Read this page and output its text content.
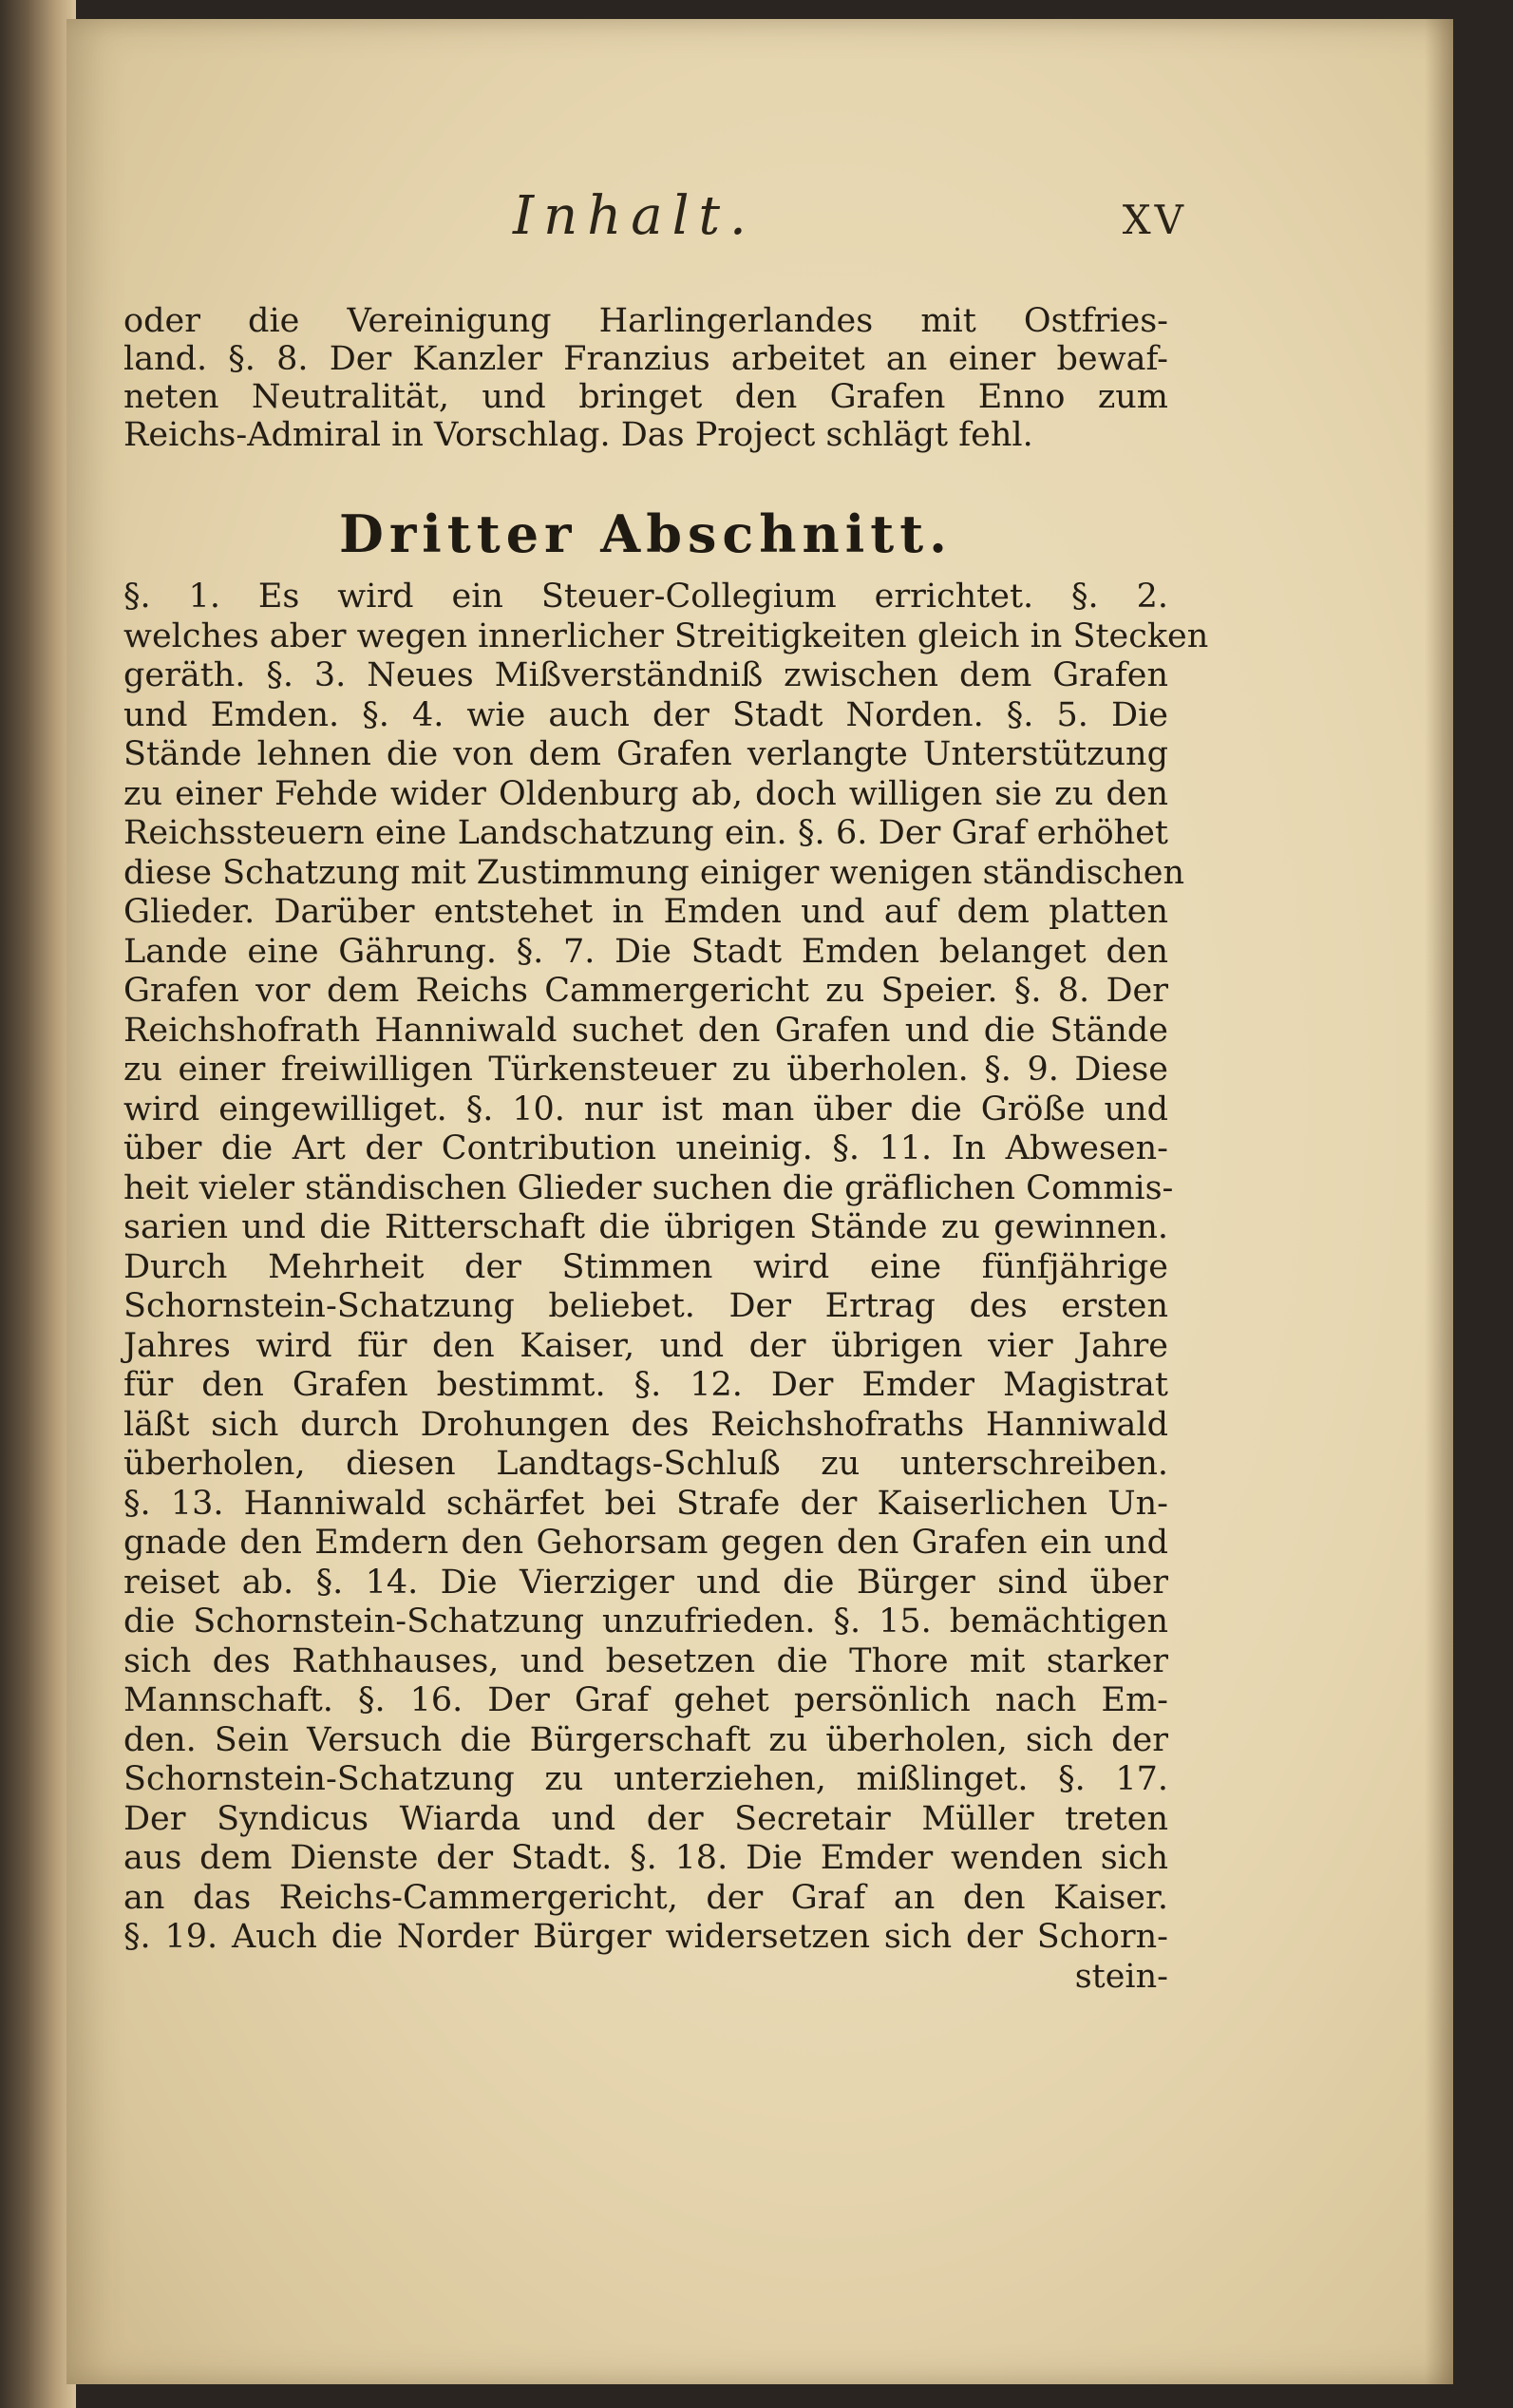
Inhalt.	XV
oder die Vereinigung Harlingerlandes mit Ostfries-
land. §. 8. Der Kanzler Franzius arbeitet an einer bewaf-
neten Neutralität, und bringet den Grafen Enno zum
Reichs-Admiral in Vorschlag. Das Project schlägt fehl.
Dritter Abschnitt.
§. 1. Es wird ein Steuer-Collegium errichtet. §. 2.
welches aber wegen innerlicher Streitigkeiten gleich in Stecken
geräth. §. 3. Neues Mißverständniß zwischen dem Grafen
und Emden. §. 4. wie auch der Stadt Norden. §. 5. Die
Stände lehnen die von dem Grafen verlangte Unterstützung
zu einer Fehde wider Oldenburg ab, doch willigen sie zu den
Reichssteuern eine Landschatzung ein. §. 6. Der Graf erhöhet
diese Schatzung mit Zustimmung einiger wenigen ständischen
Glieder. Darüber entstehet in Emden und auf dem platten
Lande eine Gährung. §. 7. Die Stadt Emden belanget den
Grafen vor dem Reichs Cammergericht zu Speier. §. 8. Der
Reichshofrath Hanniwald suchet den Grafen und die Stände
zu einer freiwilligen Türkensteuer zu überholen. §. 9. Diese
wird eingewilliget. §. 10. nur ist man über die Größe und
über die Art der Contribution uneinig. §. 11. In Abwesen-
heit vieler ständischen Glieder suchen die gräflichen Commis-
sarien und die Ritterschaft die übrigen Stände zu gewinnen.
Durch Mehrheit der Stimmen wird eine fünfjährige
Schornstein-Schatzung beliebet. Der Ertrag des ersten
Jahres wird für den Kaiser, und der übrigen vier Jahre
für den Grafen bestimmt. §. 12. Der Emder Magistrat
läßt sich durch Drohungen des Reichshofraths Hanniwald
überholen, diesen Landtags-Schluß zu unterschreiben.
§. 13. Hanniwald schärfet bei Strafe der Kaiserlichen Un-
gnade den Emdern den Gehorsam gegen den Grafen ein und
reiset ab. §. 14. Die Vierziger und die Bürger sind über
die Schornstein-Schatzung unzufrieden. §. 15. bemächtigen
sich des Rathhauses, und besetzen die Thore mit starker
Mannschaft. §. 16. Der Graf gehet persönlich nach Em-
den. Sein Versuch die Bürgerschaft zu überholen, sich der
Schornstein-Schatzung zu unterziehen, mißlinget. §. 17.
Der Syndicus Wiarda und der Secretair Müller treten
aus dem Dienste der Stadt. §. 18. Die Emder wenden sich
an das Reichs-Cammergericht, der Graf an den Kaiser.
§. 19. Auch die Norder Bürger widersetzen sich der Schorn-
stein-
